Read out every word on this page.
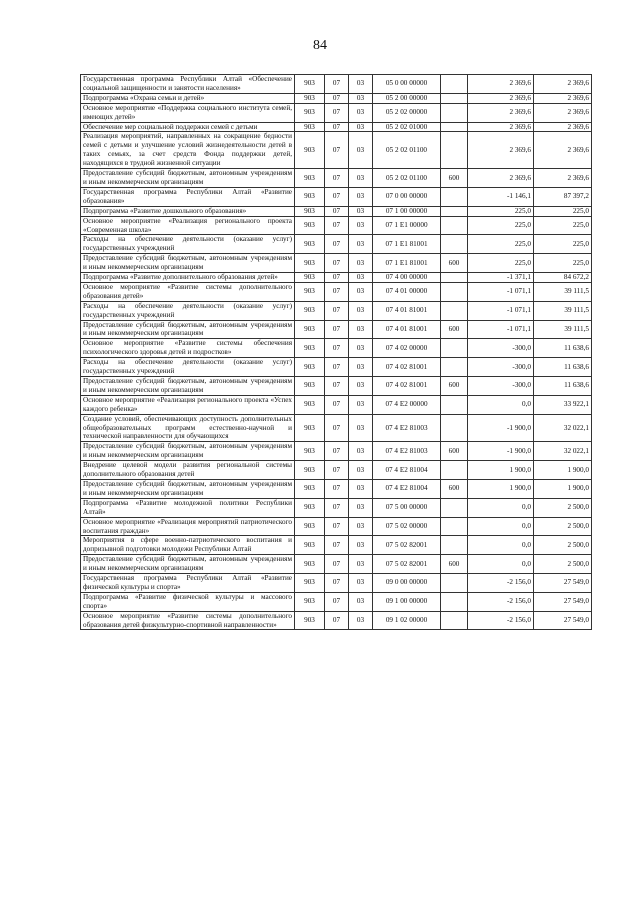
84
Государственная программа Республики Алтай «Обеспечение социальной защищенности и занятости населения»	903	07	03	05 0 00 00000		2 369,6	2 369,6
Подпрограмма «Охрана семьи и детей»	903	07	03	05 2 00 00000		2 369,6	2 369,6
Основное мероприятие «Поддержка социального института семей, имеющих детей»	903	07	03	05 2 02 00000		2 369,6	2 369,6
Обеспечение мер социальной поддержки семей с детьми	903	07	03	05 2 02 01000		2 369,6	2 369,6
Реализация мероприятий, направленных на сокращение бедности семей с детьми и улучшение условий жизнедеятельности детей в таких семьях, за счет средств Фонда поддержки детей, находящихся в трудной жизненной ситуации	903	07	03	05 2 02 01100		2 369,6	2 369,6
Предоставление субсидий бюджетным, автономным учреждениям и иным некоммерческим организациям	903	07	03	05 2 02 01100	600	2 369,6	2 369,6
Государственная программа Республики Алтай «Развитие образования»	903	07	03	07 0 00 00000		-1 146,1	87 397,2
Подпрограмма «Развитие дошкольного образования»	903	07	03	07 1 00 00000		225,0	225,0
Основное мероприятие «Реализация регионального проекта «Современная школа»	903	07	03	07 1 E1 00000		225,0	225,0
Расходы на обеспечение деятельности (оказание услуг) государственных учреждений	903	07	03	07 1 E1 81001		225,0	225,0
Предоставление субсидий бюджетным, автономным учреждениям и иным некоммерческим организациям	903	07	03	07 1 E1 81001	600	225,0	225,0
Подпрограмма «Развитие дополнительного образования детей»	903	07	03	07 4 00 00000		-1 371,1	84 672,2
Основное мероприятие «Развитие системы дополнительного образования детей»	903	07	03	07 4 01 00000		-1 071,1	39 111,5
Расходы на обеспечение деятельности (оказание услуг) государственных учреждений	903	07	03	07 4 01 81001		-1 071,1	39 111,5
Предоставление субсидий бюджетным, автономным учреждениям и иным некоммерческим организациям	903	07	03	07 4 01 81001	600	-1 071,1	39 111,5
Основное мероприятие «Развитие системы обеспечения психологического здоровья детей и подростков»	903	07	03	07 4 02 00000		-300,0	11 638,6
Расходы на обеспечение деятельности (оказание услуг) государственных учреждений	903	07	03	07 4 02 81001		-300,0	11 638,6
Предоставление субсидий бюджетным, автономным учреждениям и иным некоммерческим организациям	903	07	03	07 4 02 81001	600	-300,0	11 638,6
Основное мероприятие «Реализация регионального проекта «Успех каждого ребенка»	903	07	03	07 4 E2 00000		0,0	33 922,1
Создание условий, обеспечивающих доступность дополнительных общеобразовательных программ естественно-научной и технической направленности для обучающихся	903	07	03	07 4 E2 81003		-1 900,0	32 022,1
Предоставление субсидий бюджетным, автономным учреждениям и иным некоммерческим организациям	903	07	03	07 4 E2 81003	600	-1 900,0	32 022,1
Внедрение целевой модели развития региональной системы дополнительного образования детей	903	07	03	07 4 E2 81004		1 900,0	1 900,0
Предоставление субсидий бюджетным, автономным учреждениям и иным некоммерческим организациям	903	07	03	07 4 E2 81004	600	1 900,0	1 900,0
Подпрограмма «Развитие молодежной политики Республики Алтай»	903	07	03	07 5 00 00000		0,0	2 500,0
Основное мероприятие «Реализация мероприятий патриотического воспитания граждан»	903	07	03	07 5 02 00000		0,0	2 500,0
Мероприятия в сфере военно-патриотического воспитания и допризывной подготовки молодежи Республики Алтай	903	07	03	07 5 02 82001		0,0	2 500,0
Предоставление субсидий бюджетным, автономным учреждениям и иным некоммерческим организациям	903	07	03	07 5 02 82001	600	0,0	2 500,0
Государственная программа Республики Алтай «Развитие физической культуры и спорта»	903	07	03	09 0 00 00000		-2 156,0	27 549,0
Подпрограмма «Развитие физической культуры и массового спорта»	903	07	03	09 1 00 00000		-2 156,0	27 549,0
Основное мероприятие «Развитие системы дополнительного образования детей физкультурно-спортивной направленности»	903	07	03	09 1 02 00000		-2 156,0	27 549,0
